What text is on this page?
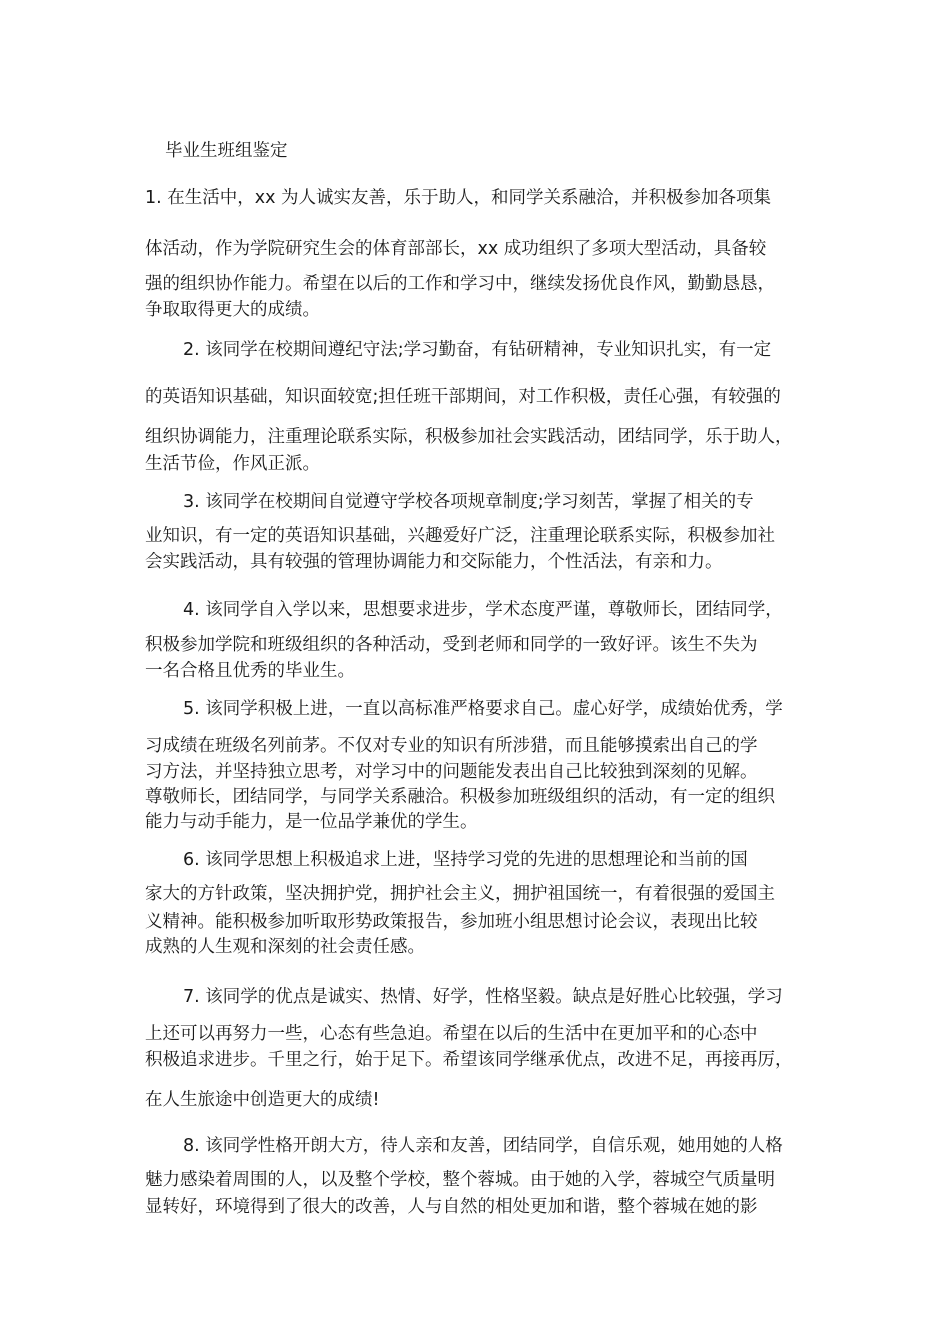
毕业生班组鉴定
1. 在生活中，xx 为人诚实友善，乐于助人，和同学关系融洽，并积极参加各项集
体活动，作为学院研究生会的体育部部长，xx 成功组织了多项大型活动，具备较
强的组织协作能力。希望在以后的工作和学习中，继续发扬优良作风，勤勤恳恳，
争取取得更大的成绩。
2. 该同学在校期间遵纪守法;学习勤奋，有钻研精神，专业知识扎实，有一定
的英语知识基础，知识面较宽;担任班干部期间，对工作积极，责任心强，有较强的
组织协调能力，注重理论联系实际，积极参加社会实践活动，团结同学，乐于助人，
生活节俭，作风正派。
3. 该同学在校期间自觉遵守学校各项规章制度;学习刻苦，掌握了相关的专
业知识，有一定的英语知识基础，兴趣爱好广泛，注重理论联系实际，积极参加社
会实践活动，具有较强的管理协调能力和交际能力，个性活法，有亲和力。
4. 该同学自入学以来，思想要求进步，学术态度严谨，尊敬师长，团结同学，
积极参加学院和班级组织的各种活动，受到老师和同学的一致好评。该生不失为
一名合格且优秀的毕业生。
5. 该同学积极上进，一直以高标准严格要求自己。虚心好学，成绩始优秀，学
习成绩在班级名列前茅。不仅对专业的知识有所涉猎，而且能够摸索出自己的学
习方法，并坚持独立思考，对学习中的问题能发表出自己比较独到深刻的见解。
尊敬师长，团结同学，与同学关系融洽。积极参加班级组织的活动，有一定的组织
能力与动手能力，是一位品学兼优的学生。
6. 该同学思想上积极追求上进，坚持学习党的先进的思想理论和当前的国
家大的方针政策，坚决拥护党，拥护社会主义，拥护祖国统一，有着很强的爱国主
义精神。能积极参加听取形势政策报告，参加班小组思想讨论会议，表现出比较
成熟的人生观和深刻的社会责任感。
7. 该同学的优点是诚实、热情、好学，性格坚毅。缺点是好胜心比较强，学习
上还可以再努力一些，心态有些急迫。希望在以后的生活中在更加平和的心态中
积极追求进步。千里之行，始于足下。希望该同学继承优点，改进不足，再接再厉，
在人生旅途中创造更大的成绩!
8. 该同学性格开朗大方，待人亲和友善，团结同学，自信乐观，她用她的人格
魅力感染着周围的人，以及整个学校，整个蓉城。由于她的入学，蓉城空气质量明
显转好，环境得到了很大的改善，人与自然的相处更加和谐，整个蓉城在她的影
